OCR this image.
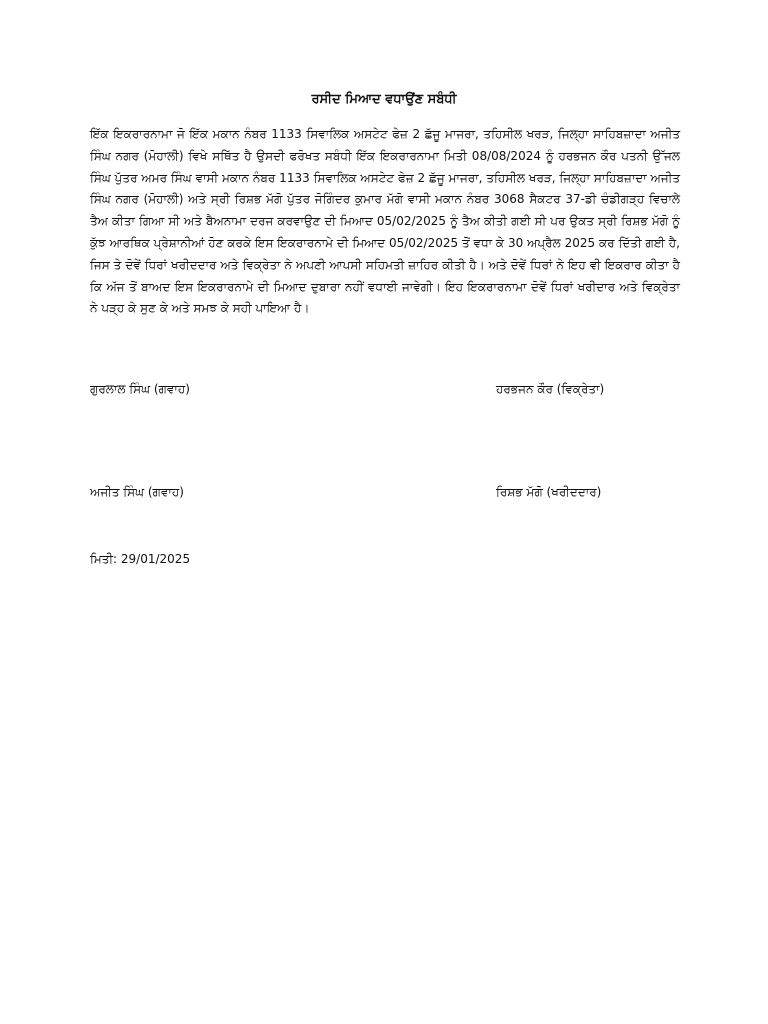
ਰਸੀਦ ਮਿਆਦ ਵਧਾਉਂਣ ਸਬੰਧੀ
ਇੱਕ ਇਕਰਾਰਨਾਮਾ ਜੋ ਇੱਕ ਮਕਾਨ ਨੰਬਰ 1133 ਸਿਵਾਲਿਕ ਅਸਟੇਟ ਫੇਜ਼ 2 ਛੱਜੂ ਮਾਜਰਾ, ਤਹਿਸੀਲ ਖਰੜ, ਜਿਲ੍ਹਾ ਸਾਹਿਬਜ਼ਾਦਾ ਅਜੀਤ ਸਿੰਘ ਨਗਰ (ਮੋਹਾਲੀ) ਵਿਖੇ ਸਥਿੱਤ ਹੈ ਉਸਦੀ ਫਰੋਖਤ ਸਬੰਧੀ ਇੱਕ ਇਕਰਾਰਨਾਮਾ ਮਿਤੀ 08/08/2024 ਨੂੰ ਹਰਭਜਨ ਕੌਰ ਪਤਨੀ ਉੱਜਲ ਸਿੰਘ ਪੁੱਤਰ ਅਮਰ ਸਿੰਘ ਵਾਸੀ ਮਕਾਨ ਨੰਬਰ 1133 ਸਿਵਾਲਿਕ ਅਸਟੇਟ ਫੇਜ਼ 2 ਛੱਜੂ ਮਾਜਰਾ, ਤਹਿਸੀਲ ਖਰੜ, ਜਿਲ੍ਹਾ ਸਾਹਿਬਜ਼ਾਦਾ ਅਜੀਤ ਸਿੰਘ ਨਗਰ (ਮੋਹਾਲੀ) ਅਤੇ ਸ੍ਰੀ ਰਿਸ਼ਭ ਮੱਗੋ ਪੁੱਤਰ ਜੋਗਿੰਦਰ ਕੁਮਾਰ ਮੱਗੋ ਵਾਸੀ ਮਕਾਨ ਨੰਬਰ 3068 ਸੈਕਟਰ 37-ਡੀ ਚੰਡੀਗੜ੍ਹ ਵਿਚਾਲੇ ਤੈਅ ਕੀਤਾ ਗਿਆ ਸੀ ਅਤੇ ਬੈਅਨਾਮਾ ਦਰਜ ਕਰਵਾਉਣ ਦੀ ਮਿਆਦ 05/02/2025 ਨੂੰ ਤੈਅ ਕੀਤੀ ਗਈ ਸੀ ਪਰ ਉਕਤ ਸ੍ਰੀ ਰਿਸ਼ਭ ਮੱਗੋ ਨੂੰ ਕੁੱਝ ਆਰਥਿਕ ਪ੍ਰੇਸ਼ਾਨੀਆਂ ਹੋਣ ਕਰਕੇ ਇਸ ਇਕਰਾਰਨਾਮੇ ਦੀ ਮਿਆਦ 05/02/2025 ਤੋਂ ਵਧਾ ਕੇ 30 ਅਪ੍ਰੈਲ 2025 ਕਰ ਦਿੱਤੀ ਗਈ ਹੈ, ਜਿਸ ਤੇ ਦੋਵੇਂ ਧਿਰਾਂ ਖਰੀਦਦਾਰ ਅਤੇ ਵਿਕ੍ਰੇਤਾ ਨੇ ਅਪਣੀ ਆਪਸੀ ਸਹਿਮਤੀ ਜ਼ਾਹਿਰ ਕੀਤੀ ਹੈ। ਅਤੇ ਦੋਵੇਂ ਧਿਰਾਂ ਨੇ ਇਹ ਵੀ ਇਕਰਾਰ ਕੀਤਾ ਹੈ ਕਿ ਅੱਜ ਤੋਂ ਬਾਅਦ ਇਸ ਇਕਰਾਰਨਾਮੇ ਦੀ ਮਿਆਦ ਦੁਬਾਰਾ ਨਹੀਂ ਵਧਾਈ ਜਾਵੇਗੀ। ਇਹ ਇਕਰਾਰਨਾਮਾ ਦੋਵੇਂ ਧਿਰਾਂ ਖਰੀਦਾਰ ਅਤੇ ਵਿਕ੍ਰੇਤਾ ਨੇ ਪੜ੍ਹ ਕੇ ਸੁਣ ਕੇ ਅਤੇ ਸਮਝ ਕੇ ਸਹੀ ਪਾਇਆ ਹੈ।
ਗੁਰਲਾਲ ਸਿੰਘ (ਗਵਾਹ)	ਹਰਭਜਨ ਕੌਰ (ਵਿਕ੍ਰੇਤਾ)
ਅਜੀਤ ਸਿੰਘ (ਗਵਾਹ)	ਰਿਸ਼ਭ ਮੱਗੋ (ਖਰੀਦਦਾਰ)
ਮਿਤੀ: 29/01/2025
